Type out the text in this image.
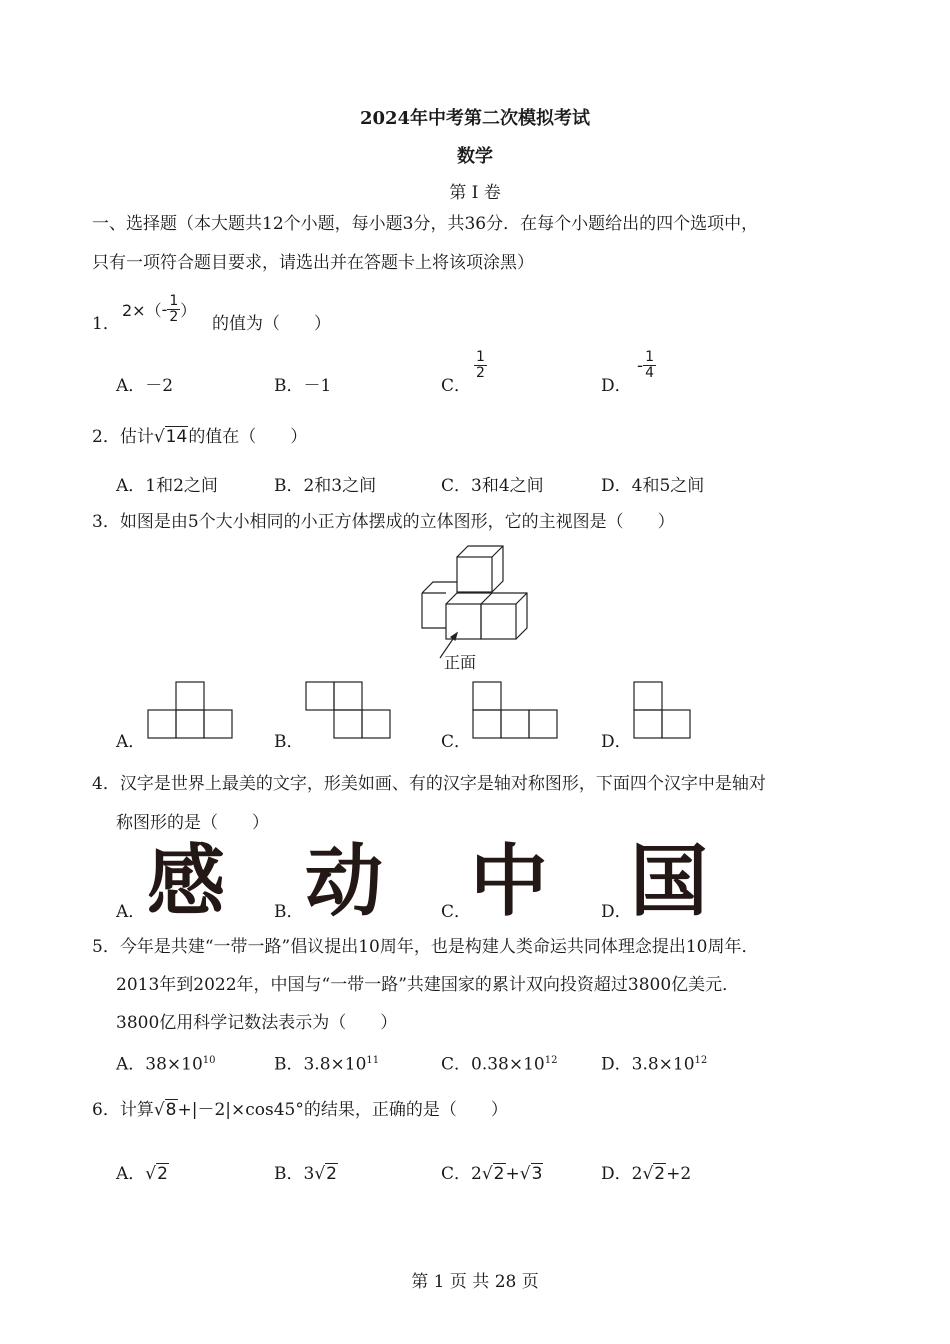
2024年中考第二次模拟考试
数学
第 I 卷
一、选择题（本大题共12个小题，每小题3分，共36分．在每个小题给出的四个选项中，
只有一项符合题目要求，请选出并在答题卡上将该项涂黑）
1．
$2\times( - \frac{1}{2}$ ）
的值为（　　）
A．－2	B．－1	C．
$\frac{1}{2}$
D．
- $\frac{1}{4}$
2．估计√14的值在（　　）
A．1和2之间	B．2和3之间	C．3和4之间	D．4和5之间
3．如图是由5个大小相同的小正方体摆成的立体图形，它的主视图是（　　）
正面
A．	B．	C．	D．
4．汉字是世界上最美的文字，形美如画、有的汉字是轴对称图形，下面四个汉字中是轴对
称图形的是（　　）
A． 感	B． 动	C．
中	D．
国
5．今年是共建“一带一路”倡议提出10周年，也是构建人类命运共同体理念提出10周年．
2013年到2022年，中国与“一带一路”共建国家的累计双向投资超过3800亿美元．
3800亿用科学记数法表示为（　　）
A．$38\times 10^{10}$	B．$3.8\times 10^{11}$	C．$0.38\times 10^{12}$	D．$3.8\times 10^{12}$
6．计算√8+|－2|×cos45°的结果，正确的是（　　）
A．√2	B．3√2	C．2√2+√3	D．2√2+2
第 1 页 共 28 页
